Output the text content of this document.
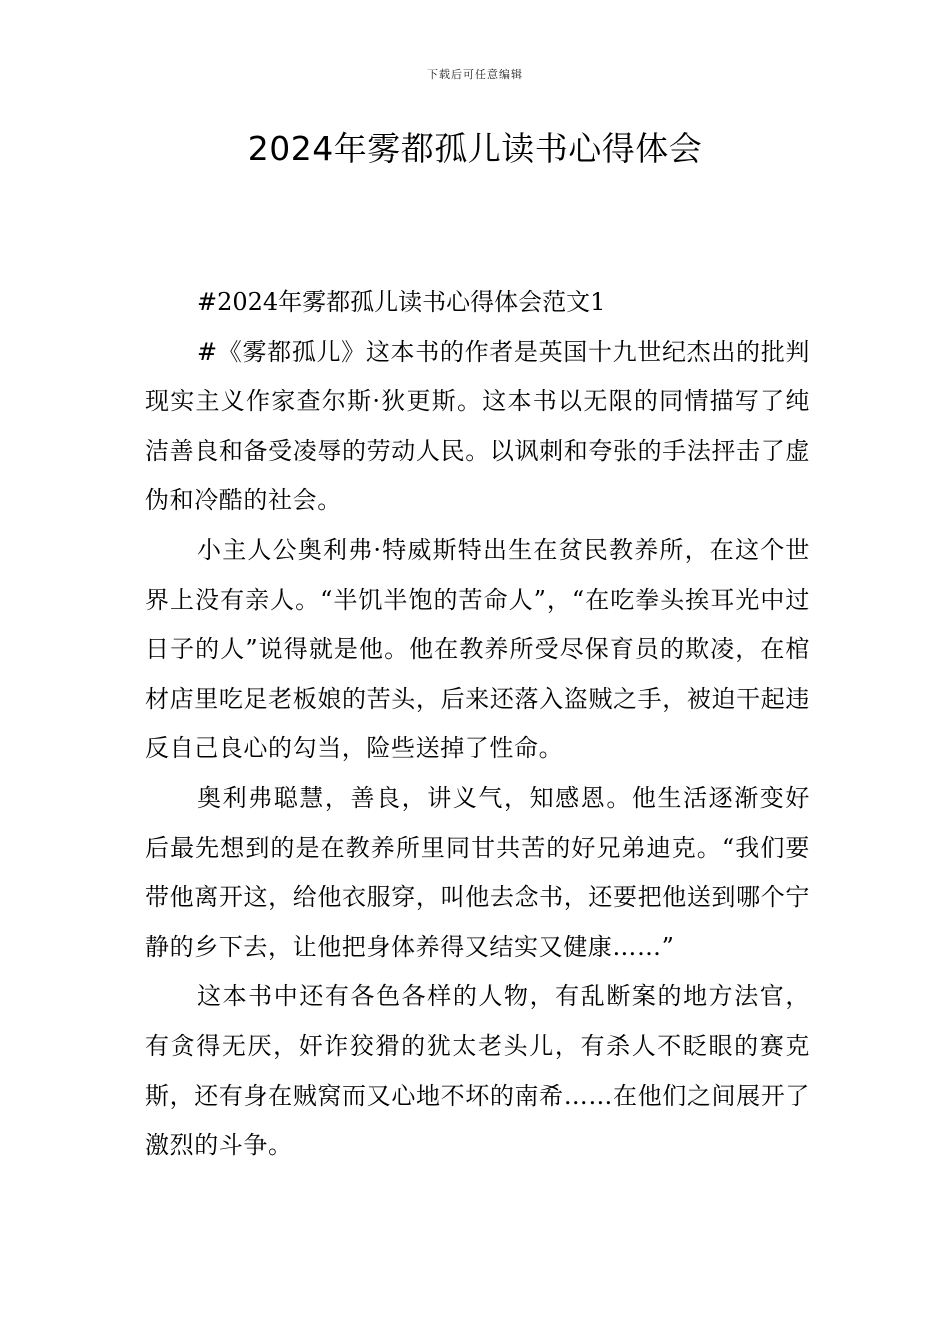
下载后可任意编辑
2024年雾都孤儿读书心得体会

#2024年雾都孤儿读书心得体会范文1

#《雾都孤儿》这本书的作者是英国十九世纪杰出的批判现实主义作家查尔斯·狄更斯。这本书以无限的同情描写了纯洁善良和备受凌辱的劳动人民。以讽刺和夸张的手法抨击了虚伪和冷酷的社会。

小主人公奥利弗·特威斯特出生在贫民教养所，在这个世界上没有亲人。“半饥半饱的苦命人”，“在吃拳头挨耳光中过日子的人”说得就是他。他在教养所受尽保育员的欺凌，在棺材店里吃足老板娘的苦头，后来还落入盗贼之手，被迫干起违反自己良心的勾当，险些送掉了性命。

奥利弗聪慧，善良，讲义气，知感恩。他生活逐渐变好后最先想到的是在教养所里同甘共苦的好兄弟迪克。“我们要带他离开这，给他衣服穿，叫他去念书，还要把他送到哪个宁静的乡下去，让他把身体养得又结实又健康……”

这本书中还有各色各样的人物，有乱断案的地方法官，有贪得无厌，奸诈狡猾的犹太老头儿，有杀人不眨眼的赛克斯，还有身在贼窝而又心地不坏的南希……在他们之间展开了激烈的斗争。
